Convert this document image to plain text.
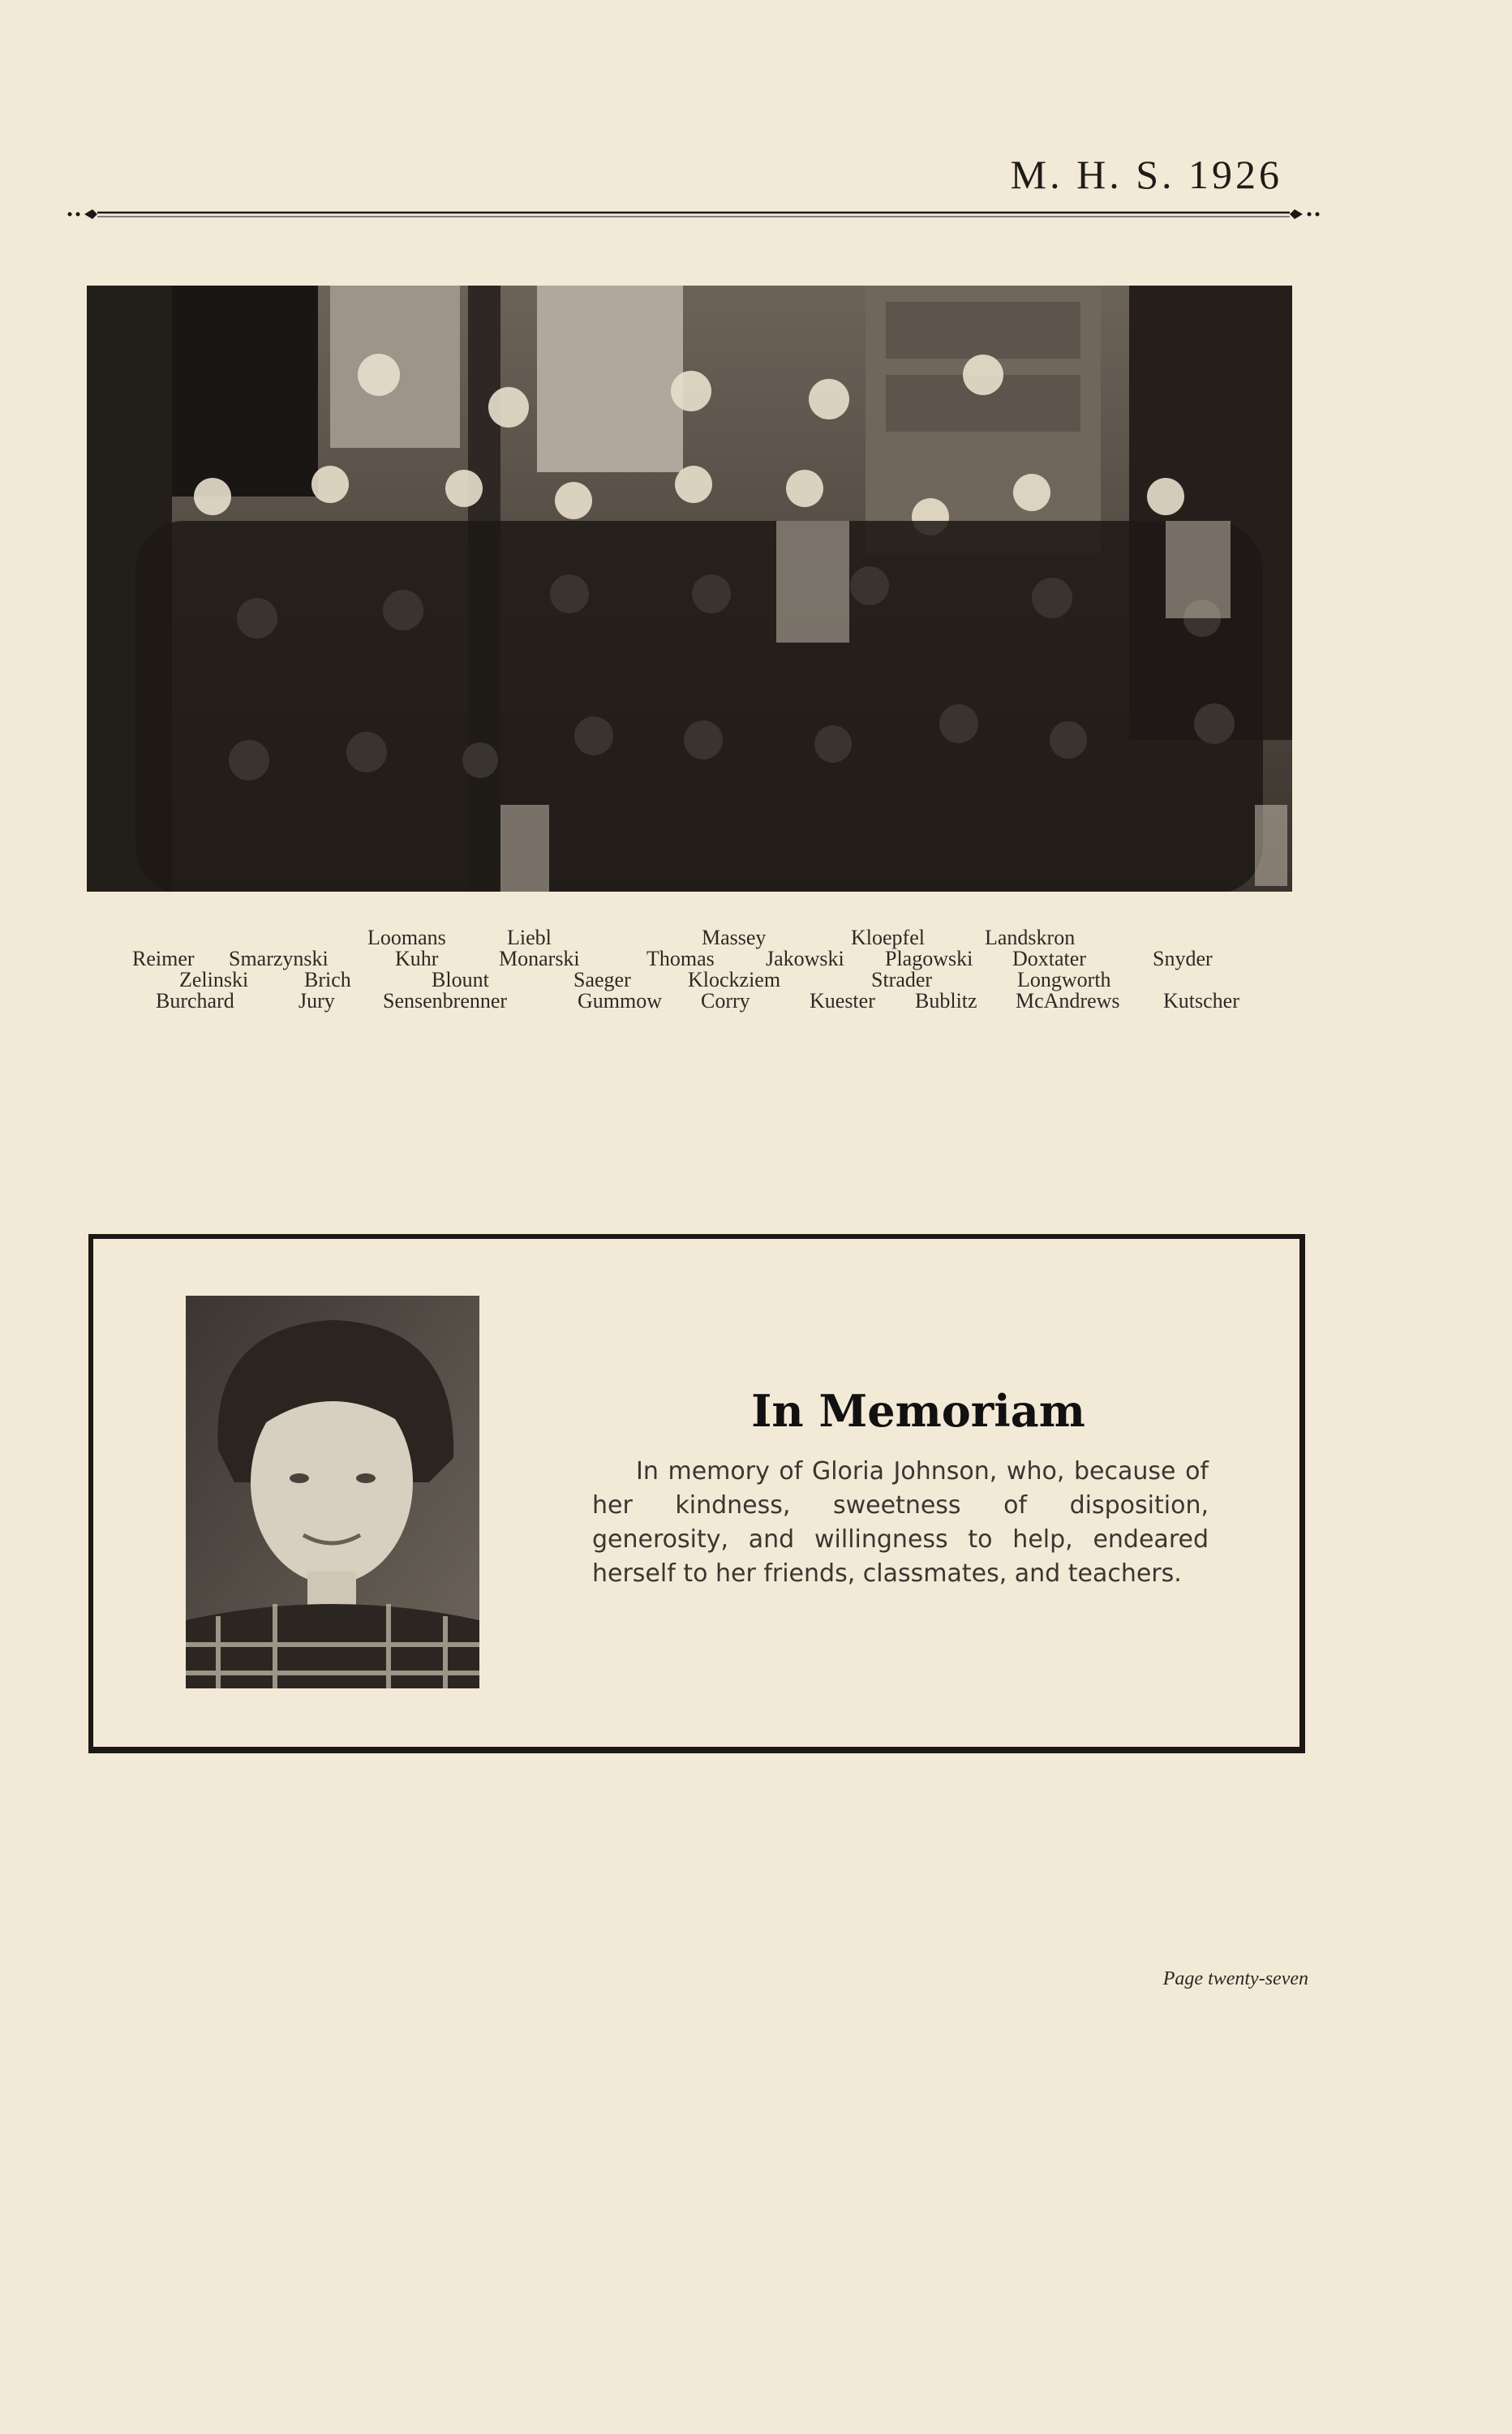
M. H. S. 1926
Loomans	Liebl	Massey	Kloepfel	Landskron
Reimer Smarzynski	Kuhr	Monarski	Thomas Jakowski Plagowski Doxtater	Snyder
Zelinski	Brich	Blount	Saeger	Klockziem	Strader	Longworth
Burchard	Jury Sensenbrenner	Gummow Corry	Kuester Bublitz McAndrews Kutscher
In Memoriam

In memory of Gloria Johnson, who, because of her kindness, sweetness of disposition, generosity, and willingness to help, endeared herself to her friends, classmates, and teachers.

Page twenty-seven
